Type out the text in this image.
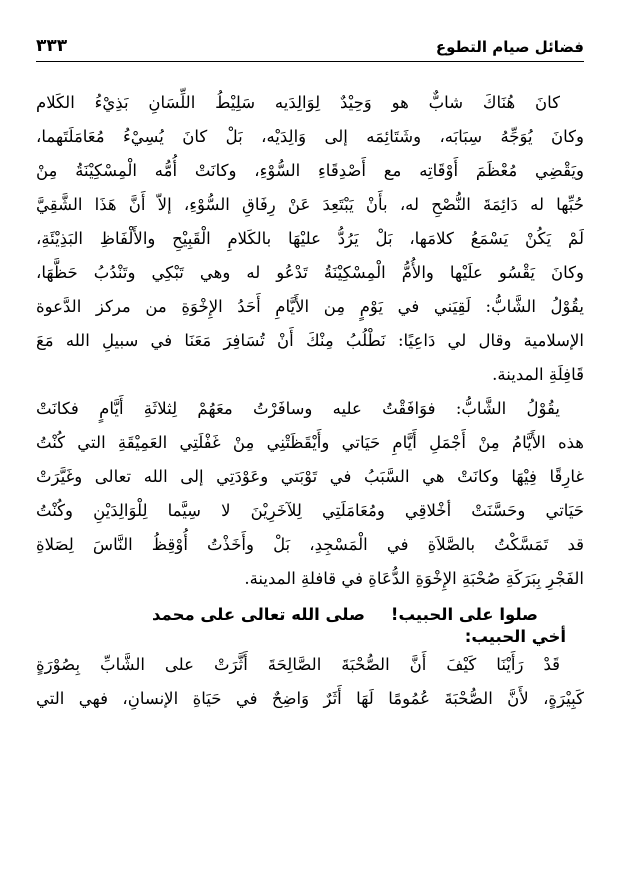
فضائل صيام التطوع
٣٣٣
كانَ هُنَاكَ شابٌّ هو وَحِيْدٌ لِوَالِدَيه سَلِيْطُ اللِّسَانِ بَذِيْءُ الكَلام
وكانَ يُوَجِّهُ سِبَابَه، وشَتَائِمَه إلى وَالِدَيْه، بَلْ كانَ يُسِيْءُ مُعَامَلَتَهما،
ويَقْضِي مُعْظَمَ أَوْقَاتِه مع أَصْدِقَاءِ السُّوْءِ، وكانَتْ أُمُّه الْمِسْكِيْنَةُ مِنْ
حُبِّها له دَائِمَةَ النُّصْحِ له، بأَنْ يَبْتَعِدَ عَنْ رِفَاقِ السُّوْءِ، إلاّ أَنَّ هَذَا الشَّقِيَّ
لَمْ يَكُنْ يَسْمَعُ كلامَها، بَلْ يَرُدُّ عليْهَا بالكَلامِ الْقَبِيْحِ والأَلْفَاظِ البَذِيْئَةِ،
وكانَ يَقْسُو علَيْها والأُمُّ الْمِسْكِيْنَةُ تَدْعُو له وهي تَبْكِي وتَنْدُبُ حَظَّهَا،
يقُوْلُ الشَّابُّ: لَقِيَني في يَوْمٍ مِن الأَيَّامِ أَحَدُ الإِخْوَةِ من مركز الدَّعوة
الإسلامية وقال لي دَاعِيًا: نَطْلُبُ مِنْكَ أَنْ تُسَافِرَ مَعَنَا في سبيلِ الله مَعَ
قَافِلَةِ المدينة.
يقُوْلُ الشَّابُّ: فوَافَقْتُ عليه وسافَرْتُ معَهُمْ لِثلاثَةِ أَيَّامٍ فكانَتْ
هذه الأَيَّامُ مِنْ أَجْمَلِ أَيَّامِ حَيَاتي وأَيْقَظَتْنِي مِنْ غَفْلَتِي العَمِيْقَةِ التي كُنْتُ
غارِقًا فِيْهَا وكانَتْ هي السَّبَبُ في تَوْبَتي وعَوْدَتِي إلى الله تعالى وغَيَّرَتْ
حَيَاتي وحَسَّنَتْ أخْلاقِي ومُعَامَلَتِي لِلآخَرِيْنَ لا سِيَّما لِلْوَالِدَيْنِ وكُنْتُ
قد تَمَسَّكْتُ بالصَّلاَةِ في الْمَسْجِدِ، بَلْ وأَخَذْتُ أُوْقِظُ النَّاسَ لِصَلاةِ
الفَجْرِ بِبَرَكَةِ صُحْبَةِ الإِخْوَةِ الدُّعَاةِ في قافلةِ المدينة.
صلوا على الحبيب!
صلى الله تعالى على محمد
أخي الحبيب:
قَدْ رَأَيْنَا كَيْفَ أَنَّ الصُّحْبَةَ الصَّالِحَةَ أَثَّرَتْ على الشَّابِّ بِصُوْرَةٍ
كَبِيْرَةٍ، لأَنَّ الصُّحْبَةَ عُمُومًا لَهَا أَثَرٌ وَاضِحٌ في حَيَاةِ الإنسانِ، فهي التي
